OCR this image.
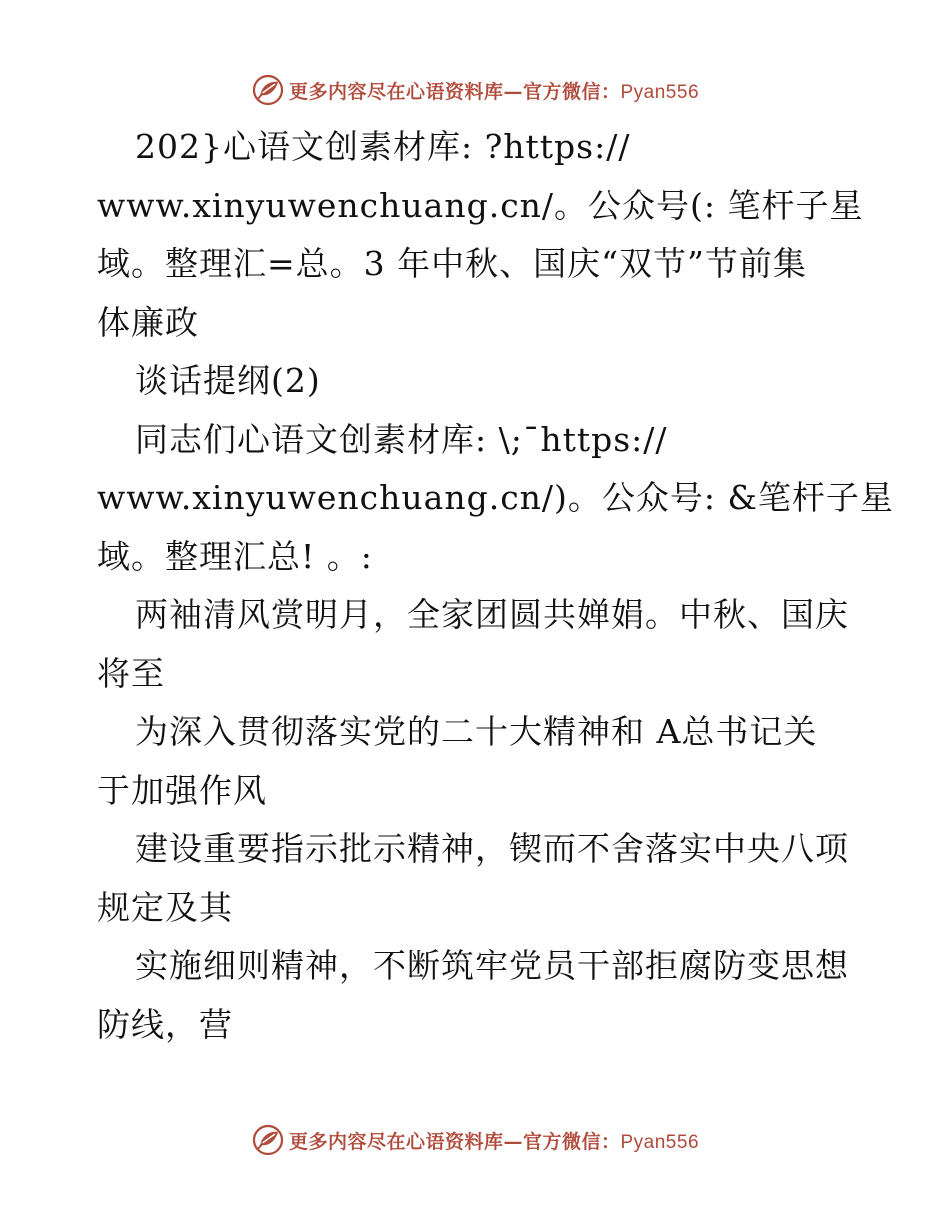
更多内容尽在心语资料库—官方微信：Pyan556
202}心语文创素材库: ?https://
www.xinyuwenchuang.cn/。公众号(: 笔杆子星
域。整理汇=总。3 年中秋、国庆“双节”节前集
体廉政
谈话提纲(2)
同志们心语文创素材库: \;¯https://
www.xinyuwenchuang.cn/)。公众号: &笔杆子星
域。整理汇总! 。:
两袖清风赏明月，全家团圆共婵娟。中秋、国庆
将至
为深入贯彻落实党的二十大精神和 A总书记关
于加强作风
建设重要指示批示精神，锲而不舍落实中央八项
规定及其
实施细则精神，不断筑牢党员干部拒腐防变思想
防线，营
更多内容尽在心语资料库—官方微信：Pyan556
